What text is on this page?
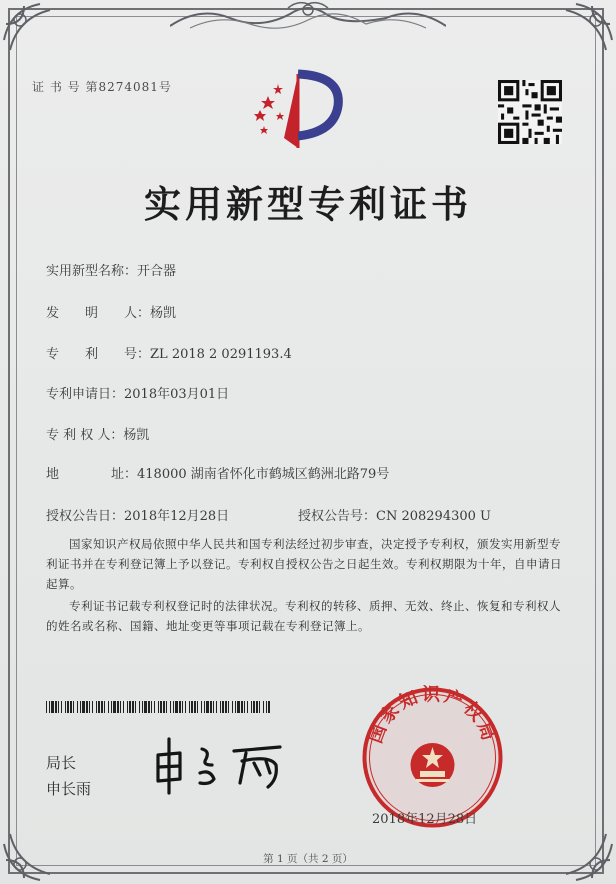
证 书 号 第8274081号
实用新型专利证书
实用新型名称：开合器
发　　明　　人：杨凯
专　　利　　号：ZL 2018 2 0291193.4
专利申请日：2018年03月01日
专 利 权 人：杨凯
地　　　　址：418000 湖南省怀化市鹤城区鹤洲北路79号
授权公告日：2018年12月28日	授权公告号：CN 208294300 U
国家知识产权局依照中华人民共和国专利法经过初步审查，决定授予专利权，颁发实用新型专利证书并在专利登记簿上予以登记。专利权自授权公告之日起生效。专利权期限为十年，自申请日起算。
专利证书记载专利权登记时的法律状况。专利权的转移、质押、无效、终止、恢复和专利权人的姓名或名称、国籍、地址变更等事项记载在专利登记簿上。
局长
申长雨
国家知识产权局
2018年12月28日
第 1 页（共 2 页）
